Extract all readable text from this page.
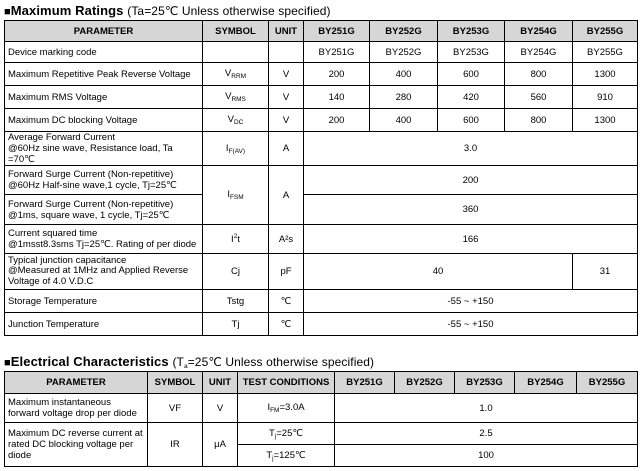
■Maximum Ratings (Ta=25℃ Unless otherwise specified)
PARAMETER	SYMBOL	UNIT	BY251G	BY252G	BY253G	BY254G	BY255G
Device marking code			BY251G	BY252G	BY253G	BY254G	BY255G
Maximum Repetitive Peak Reverse Voltage	$V_{RRM}$	V	200	400	600	800	1300
Maximum RMS Voltage	$V_{RMS}$	V	140	280	420	560	910
Maximum DC blocking Voltage	$V_{DC}$	V	200	400	600	800	1300
Average Forward Current
@60Hz sine wave, Resistance load, Ta =70℃	$I_{F(AV)}$	A	3.0				
Forward Surge Current (Non-repetitive)
@60Hz Half-sine wave,1 cycle, Tj=25℃	$I_{FSM}$	A	200				
Forward Surge Current (Non-repetitive)
@1ms, square wave, 1 cycle, Tj=25℃			360				
Current squared time
@1msst8.3sms Tj=25℃. Rating of per diode	$I^2t$	A²s	166				
Typical junction capacitance
@Measured at 1MHz and Applied Reverse
Voltage of 4.0 V.D.C	Cj	pF	40				31
Storage Temperature	Tstg	℃	-55 ~ +150				
Junction Temperature	Tj	℃	-55 ~ +150				
■Electrical Characteristics ($T_a=25℃$ Unless otherwise specified)
PARAMETER	SYMBOL	UNIT	TEST CONDITIONS	BY251G	BY252G	BY253G	BY254G	BY255G
Maximum instantaneous
forward voltage drop per diode	VF	V	$I_{FM}=3.0A$	1.0				
Maximum DC reverse current at
rated DC blocking voltage per
diode	IR	μA	$T_j=25℃$	2.5				
			$T_j=125℃$	100				
